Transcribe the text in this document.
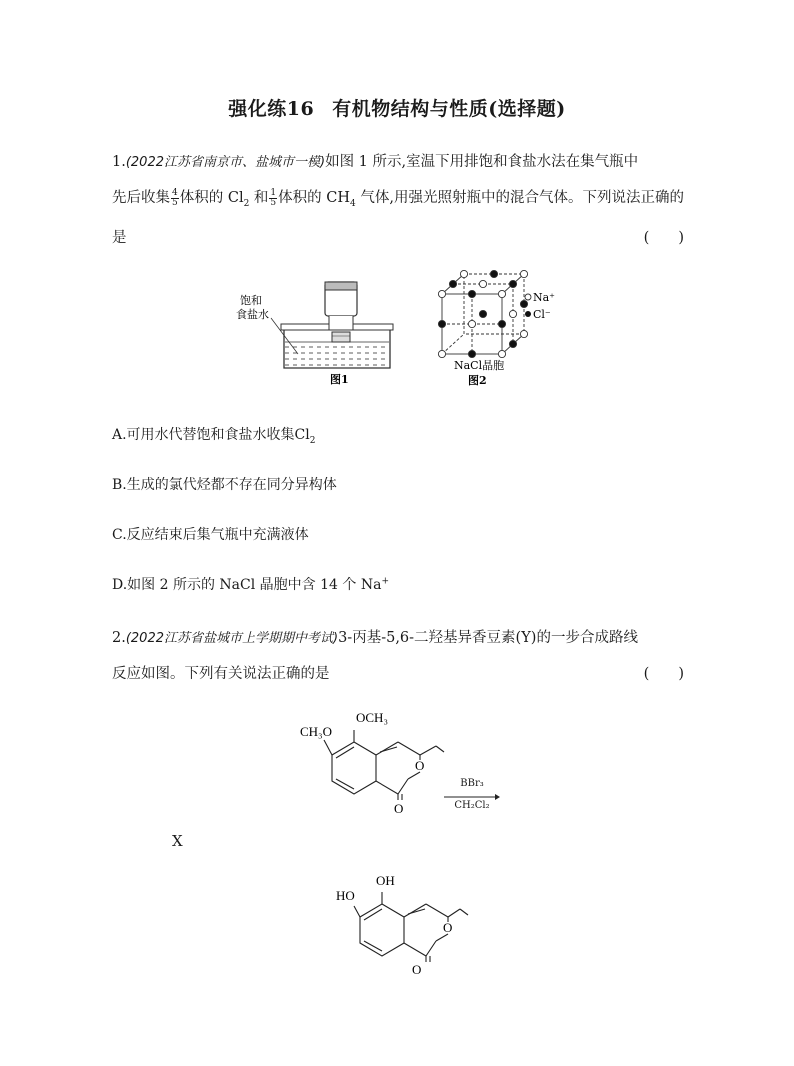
强化练16 有机物结构与性质(选择题)
1.(2022江苏省南京市、盐城市一模)如图 1 所示,室温下用排饱和食盐水法在集气瓶中
先后收集 $\frac{4}{5}$ 体积的 $Cl_2$ 和 $\frac{1}{5}$ 体积的 $CH_4$ 气体,用强光照射瓶中的混合气体。下列说法正确的
是	(　　)
饱和
食盐水
图1
Na⁺
Cl⁻
NaCl晶胞
图2
A.可用水代替饱和食盐水收集$Cl_2$
B.生成的氯代烃都不存在同分异构体
C.反应结束后集气瓶中充满液体
D.如图 2 所示的 NaCl 晶胞中含 14 个 Na+
2.(2022江苏省盐城市上学期期中考试)3-丙基-5,6-二羟基异香豆素(Y)的一步合成路线
反应如图。下列有关说法正确的是	(　　)
OCH₃
CH₃O
O
O
BBr₃
CH₂Cl₂
X
OH
HO
O
O
